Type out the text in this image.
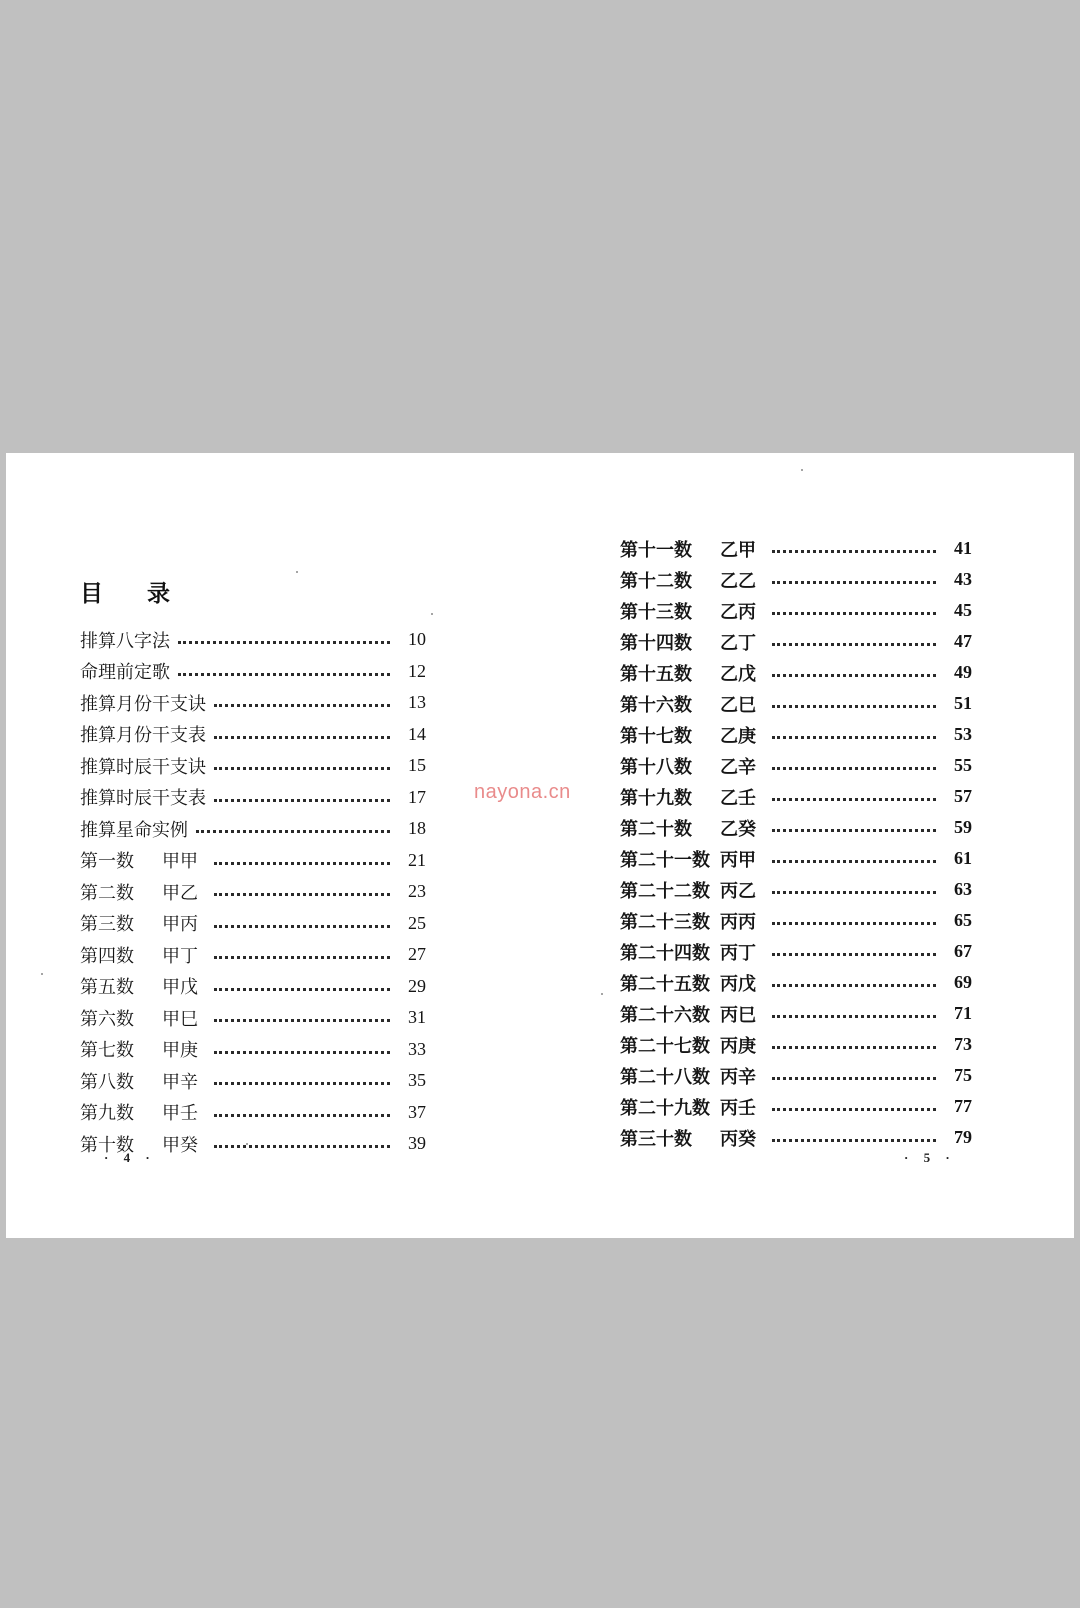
目 录
排算八字法	10
命理前定歌	12
推算月份干支诀	13
推算月份干支表	14
推算时辰干支诀	15
推算时辰干支表	17
推算星命实例	18
第一数	甲甲	21
第二数	甲乙	23
第三数	甲丙	25
第四数	甲丁	27
第五数	甲戊	29
第六数	甲巳	31
第七数	甲庚	33
第八数	甲辛	35
第九数	甲壬	37
第十数	甲癸	39
第十一数	乙甲	41
第十二数	乙乙	43
第十三数	乙丙	45
第十四数	乙丁	47
第十五数	乙戊	49
第十六数	乙巳	51
第十七数	乙庚	53
第十八数	乙辛	55
第十九数	乙壬	57
第二十数	乙癸	59
第二十一数 丙甲	61
第二十二数 丙乙	63
第二十三数 丙丙	65
第二十四数 丙丁	67
第二十五数 丙戊	69
第二十六数 丙巳	71
第二十七数 丙庚	73
第二十八数 丙辛	75
第二十九数 丙壬	77
第三十数	丙癸	79
· 4 ·	· 5 ·
nayona.cn
